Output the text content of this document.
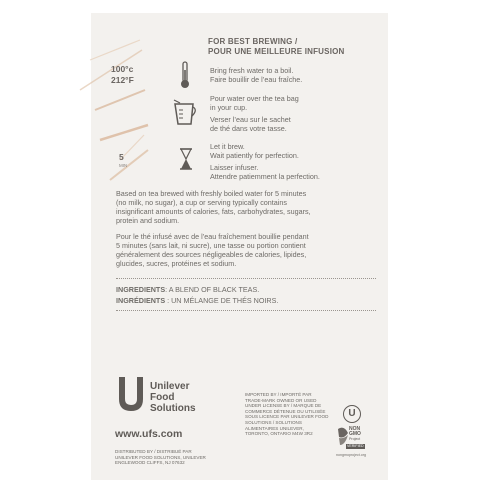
FOR BEST BREWING /
POUR UNE MEILLEURE INFUSION
100°c
212°F
Bring fresh water to a boil.
Faire bouillir de l’eau fraîche.
Pour water over the tea bag
in your cup.
Verser l’eau sur le sachet
de thé dans votre tasse.
5
MIN
Let it brew.
Wait patiently for perfection.
Laisser infuser.
Attendre patiemment la perfection.
Based on tea brewed with freshly boiled water for 5 minutes
(no milk, no sugar), a cup or serving typically contains
insignificant amounts of calories, fats, carbohydrates, sugars,
protein and sodium.
Pour le thé infusé avec de l’eau fraîchement bouillie pendant
5 minutes (sans lait, ni sucre), une tasse ou portion contient
généralement des sources négligeables de calories, lipides,
glucides, sucres, protéines et sodium.
INGREDIENTS: A BLEND OF BLACK TEAS.
INGRÉDIENTS : UN MÉLANGE DE THÉS NOIRS.
Unilever
Food
Solutions
www.ufs.com
DISTRIBUTED BY / DISTRIBUÉ PAR
UNILEVER FOOD SOLUTIONS, UNILEVER
ENGLEWOOD CLIFFS, NJ 07632
IMPORTED BY / IMPORTÉ PAR
TRADE-MARK OWNED OR USED
UNDER LICENSE BY / MARQUE DE
COMMERCE DÉTENUE OU UTILISÉE
SOUS LICENCE PAR UNILEVER FOOD
SOLUTIONS / SOLUTIONS
ALIMENTAIRES UNILEVER,
TORONTO, ONTARIO M4W 3R2
U
NON
GMO
Project
VERIFIED
nongmoproject.org
